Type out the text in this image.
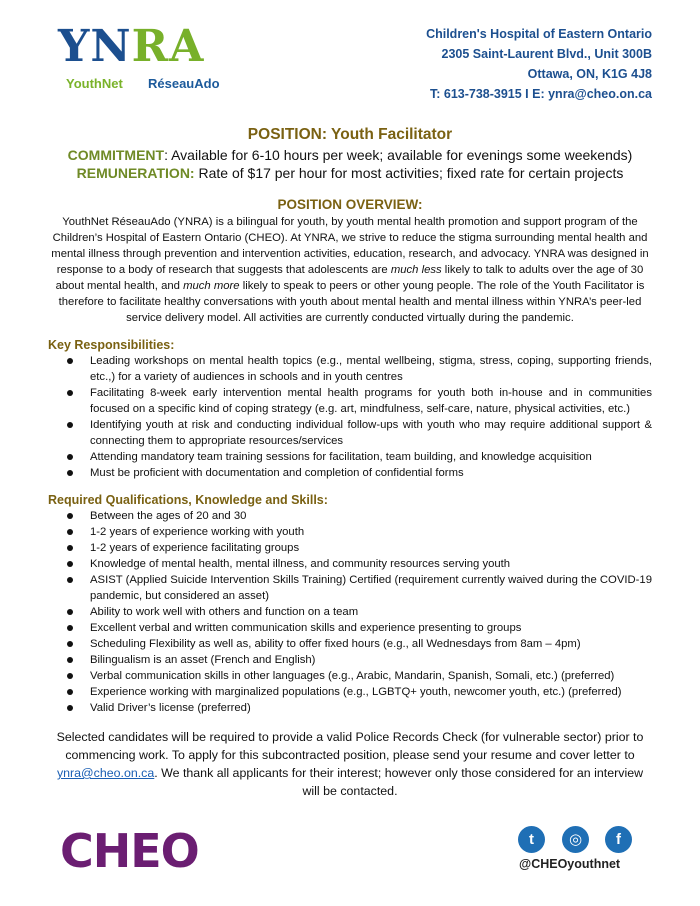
YNRA
YouthNet RéseauAdo
Children's Hospital of Eastern Ontario
2305 Saint-Laurent Blvd., Unit 300B
Ottawa, ON, K1G 4J8
T: 613-738-3915 I E: ynra@cheo.on.ca
POSITION: Youth Facilitator
COMMITMENT: Available for 6-10 hours per week; available for evenings some weekends)
REMUNERATION: Rate of $17 per hour for most activities; fixed rate for certain projects
POSITION OVERVIEW:
YouthNet RéseauAdo (YNRA) is a bilingual for youth, by youth mental health promotion and support program of the Children’s Hospital of Eastern Ontario (CHEO). At YNRA, we strive to reduce the stigma surrounding mental health and mental illness through prevention and intervention activities, education, research, and advocacy. YNRA was designed in response to a body of research that suggests that adolescents are much less likely to talk to adults over the age of 30 about mental health, and much more likely to speak to peers or other young people. The role of the Youth Facilitator is therefore to facilitate healthy conversations with youth about mental health and mental illness within YNRA’s peer-led service delivery model. All activities are currently conducted virtually during the pandemic.
Key Responsibilities:
Leading workshops on mental health topics (e.g., mental wellbeing, stigma, stress, coping, supporting friends, etc.,) for a variety of audiences in schools and in youth centres
Facilitating 8-week early intervention mental health programs for youth both in-house and in communities focused on a specific kind of coping strategy (e.g. art, mindfulness, self-care, nature, physical activities, etc.)
Identifying youth at risk and conducting individual follow-ups with youth who may require additional support & connecting them to appropriate resources/services
Attending mandatory team training sessions for facilitation, team building, and knowledge acquisition
Must be proficient with documentation and completion of confidential forms
Required Qualifications, Knowledge and Skills:
Between the ages of 20 and 30
1-2 years of experience working with youth
1-2 years of experience facilitating groups
Knowledge of mental health, mental illness, and community resources serving youth
ASIST (Applied Suicide Intervention Skills Training) Certified (requirement currently waived during the COVID-19 pandemic, but considered an asset)
Ability to work well with others and function on a team
Excellent verbal and written communication skills and experience presenting to groups
Scheduling Flexibility as well as, ability to offer fixed hours (e.g., all Wednesdays from 8am – 4pm)
Bilingualism is an asset (French and English)
Verbal communication skills in other languages (e.g., Arabic, Mandarin, Spanish, Somali, etc.) (preferred)
Experience working with marginalized populations (e.g., LGBTQ+ youth, newcomer youth, etc.) (preferred)
Valid Driver’s license (preferred)
Selected candidates will be required to provide a valid Police Records Check (for vulnerable sector) prior to commencing work. To apply for this subcontracted position, please send your resume and cover letter to ynra@cheo.on.ca. We thank all applicants for their interest; however only those considered for an interview will be contacted.
CHEO	t	◎	f
@CHEOyouthnet
